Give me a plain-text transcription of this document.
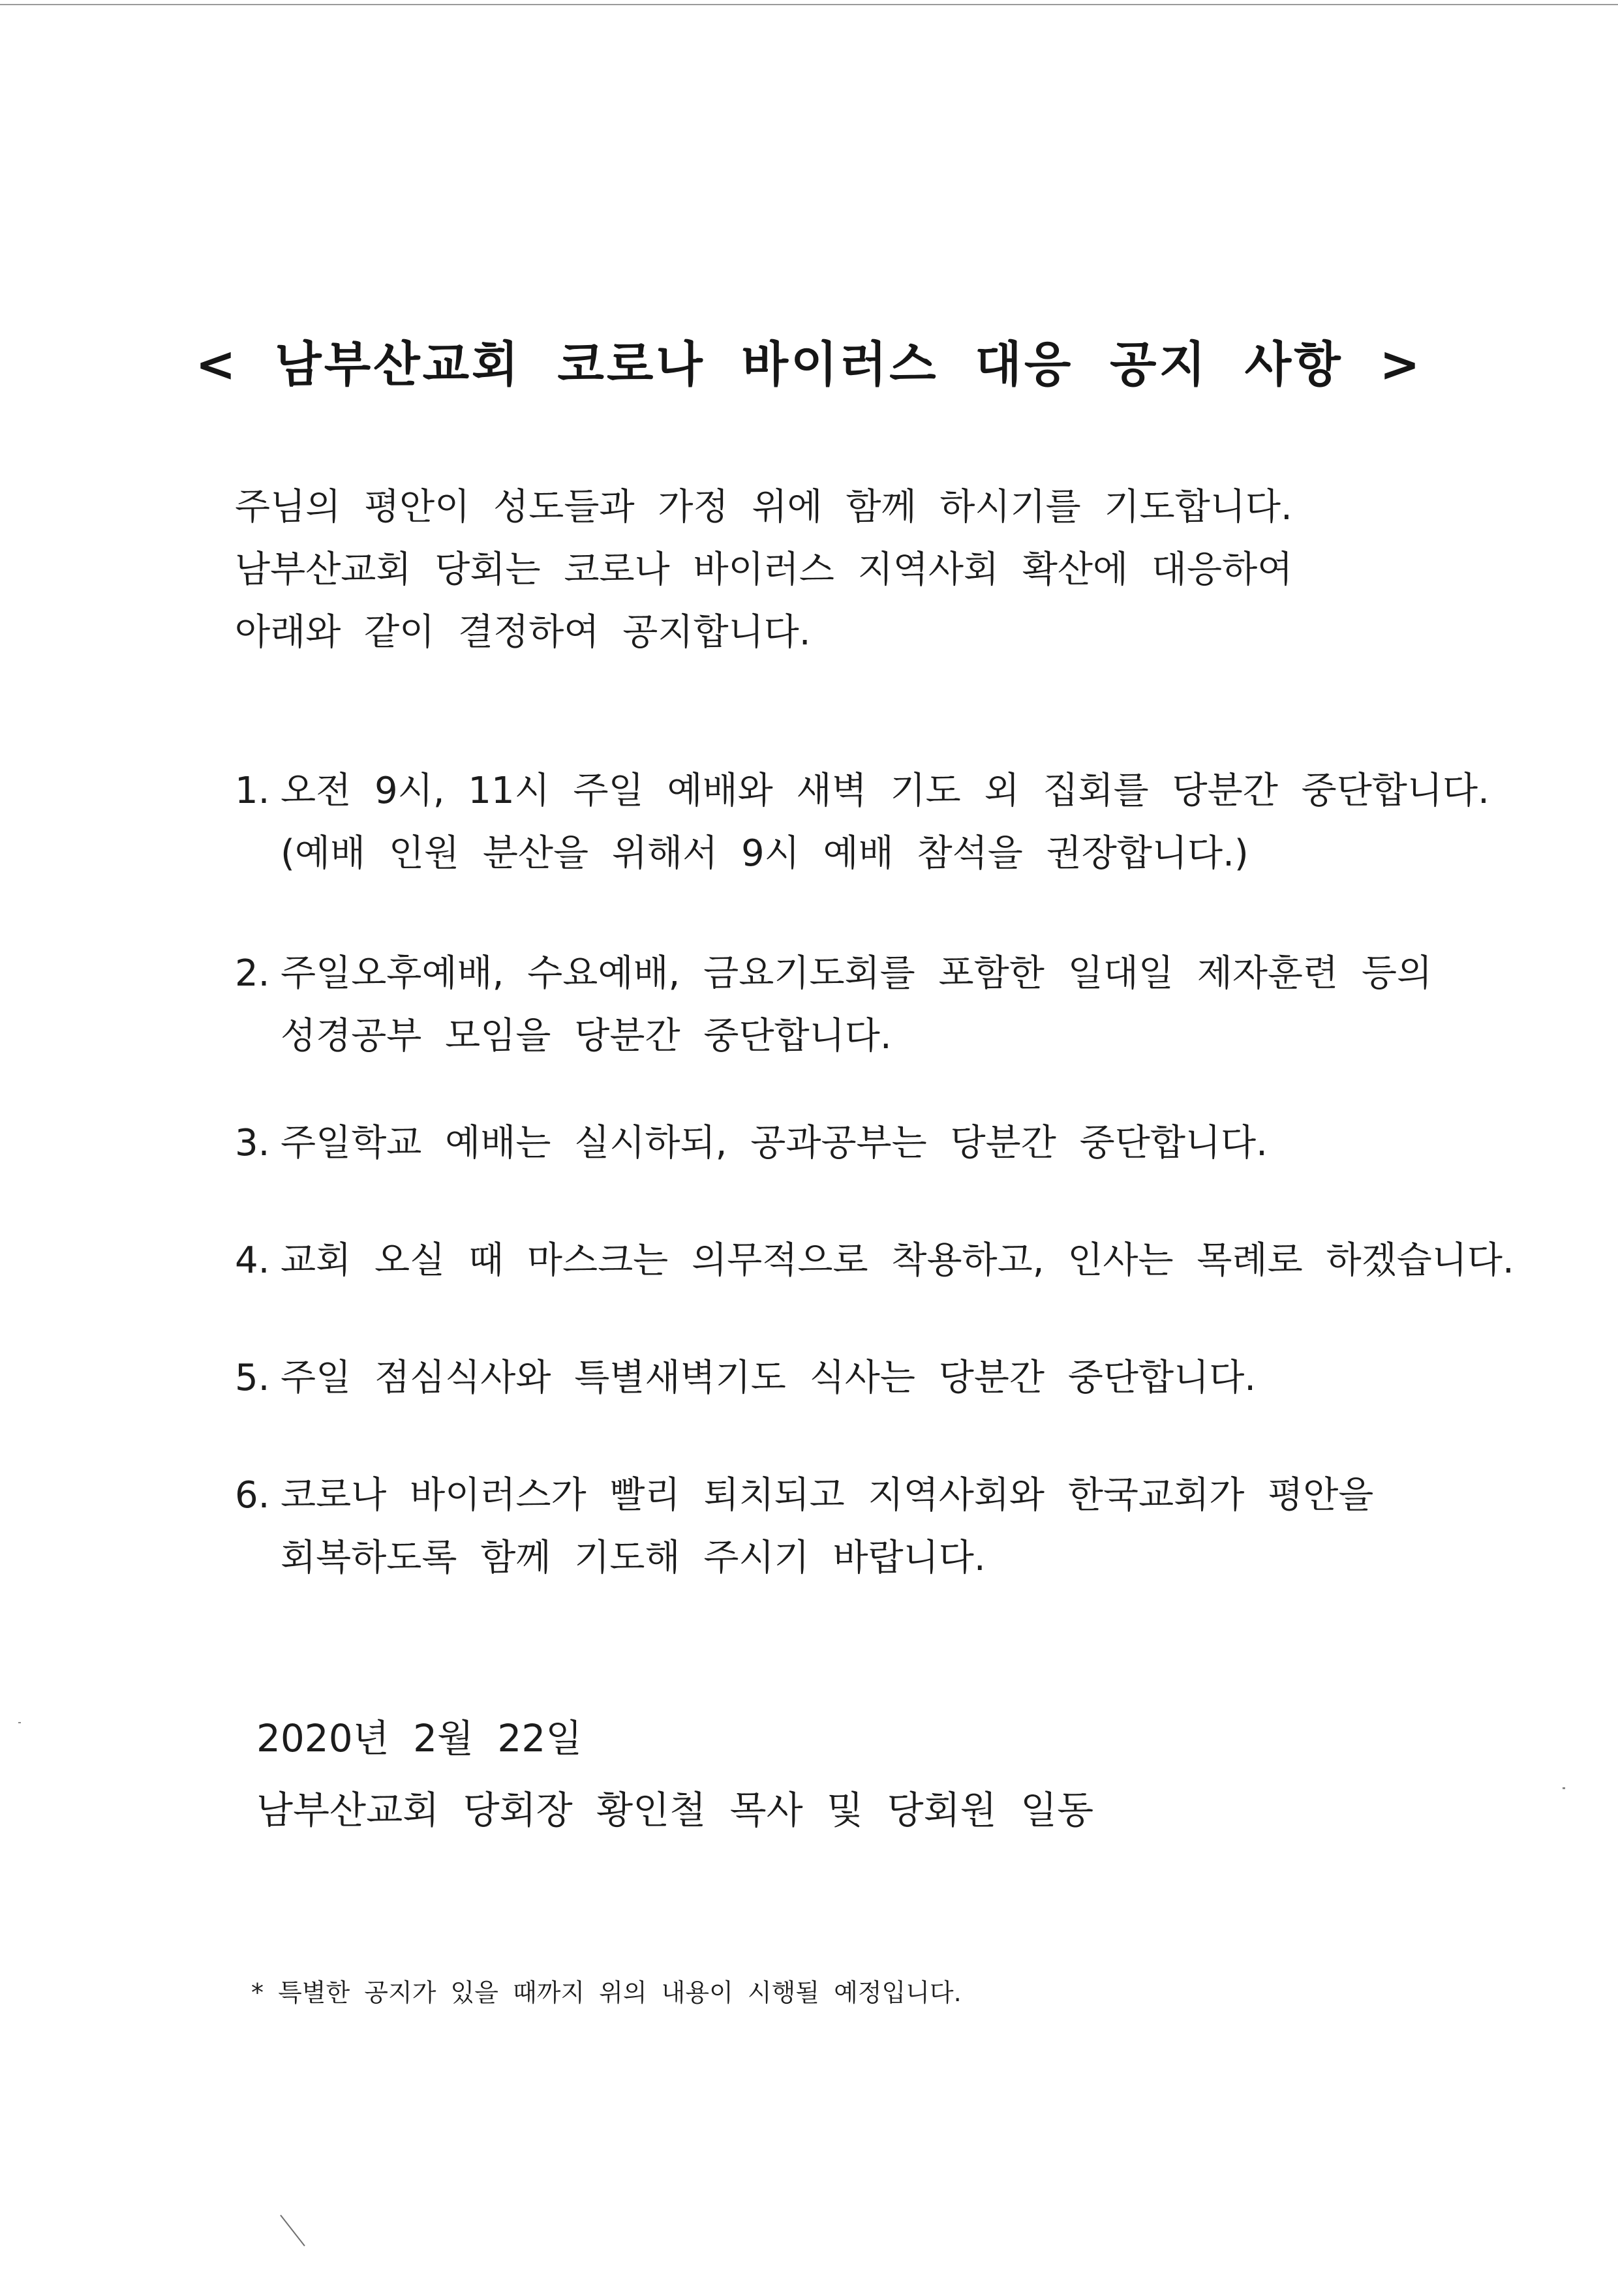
< 남부산교회 코로나 바이러스 대응 공지 사항 >
주님의 평안이 성도들과 가정 위에 함께 하시기를 기도합니다.
남부산교회 당회는 코로나 바이러스 지역사회 확산에 대응하여
아래와 같이 결정하여 공지합니다.
1. 오전 9시, 11시 주일 예배와 새벽 기도 외 집회를 당분간 중단합니다.
(예배 인원 분산을 위해서 9시 예배 참석을 권장합니다.)
2. 주일오후예배, 수요예배, 금요기도회를 포함한 일대일 제자훈련 등의
성경공부 모임을 당분간 중단합니다.
3. 주일학교 예배는 실시하되, 공과공부는 당분간 중단합니다.
4. 교회 오실 때 마스크는 의무적으로 착용하고, 인사는 목례로 하겠습니다.
5. 주일 점심식사와 특별새벽기도 식사는 당분간 중단합니다.
6. 코로나 바이러스가 빨리 퇴치되고 지역사회와 한국교회가 평안을
회복하도록 함께 기도해 주시기 바랍니다.
2020년 2월 22일
남부산교회 당회장 황인철 목사 및 당회원 일동
* 특별한 공지가 있을 때까지 위의 내용이 시행될 예정입니다.
